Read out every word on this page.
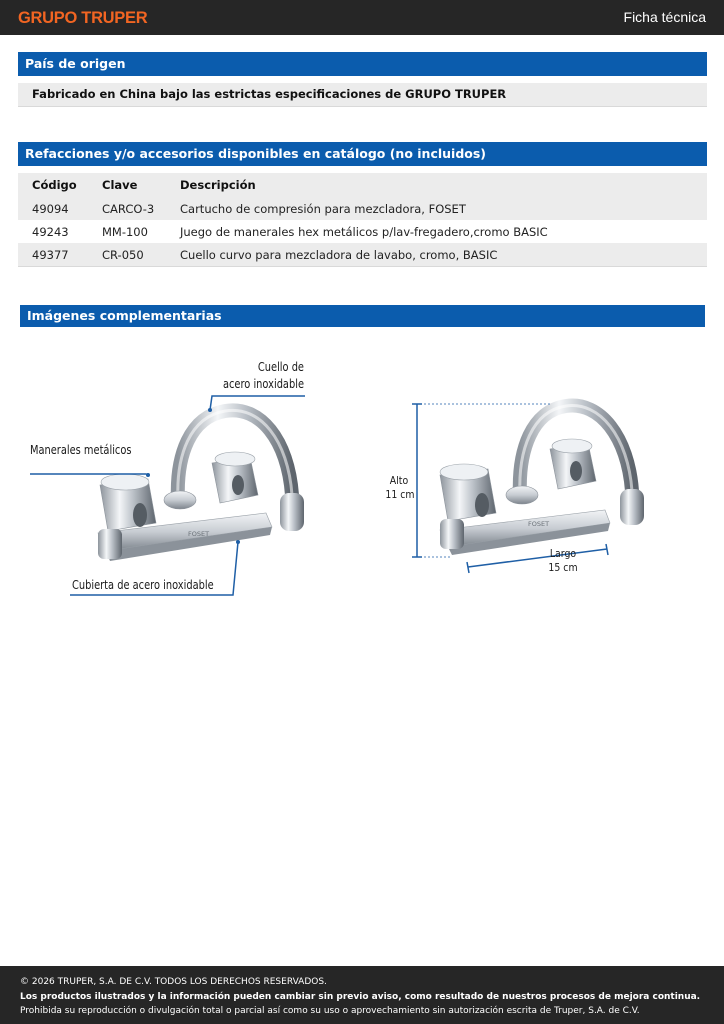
GRUPO TRUPER	Ficha técnica
País de origen
Fabricado en China bajo las estrictas especificaciones de GRUPO TRUPER
Refacciones y/o accesorios disponibles en catálogo (no incluidos)
Código	Clave	Descripción
49094	CARCO-3	Cartucho de compresión para mezcladora, FOSET
49243	MM-100	Juego de manerales hex metálicos p/lav-fregadero,cromo BASIC
49377	CR-050	Cuello curvo para mezcladora de lavabo, cromo, BASIC
Imágenes complementarias
FOSET
Cuello de
acero inoxidable
Manerales metálicos
Cubierta de acero inoxidable
FOSET
Alto
11 cm
Largo
15 cm
© 2026 TRUPER, S.A. DE C.V. TODOS LOS DERECHOS RESERVADOS.
Los productos ilustrados y la información pueden cambiar sin previo aviso, como resultado de nuestros procesos de mejora continua.
Prohibida su reproducción o divulgación total o parcial así como su uso o aprovechamiento sin autorización escrita de Truper, S.A. de C.V.
